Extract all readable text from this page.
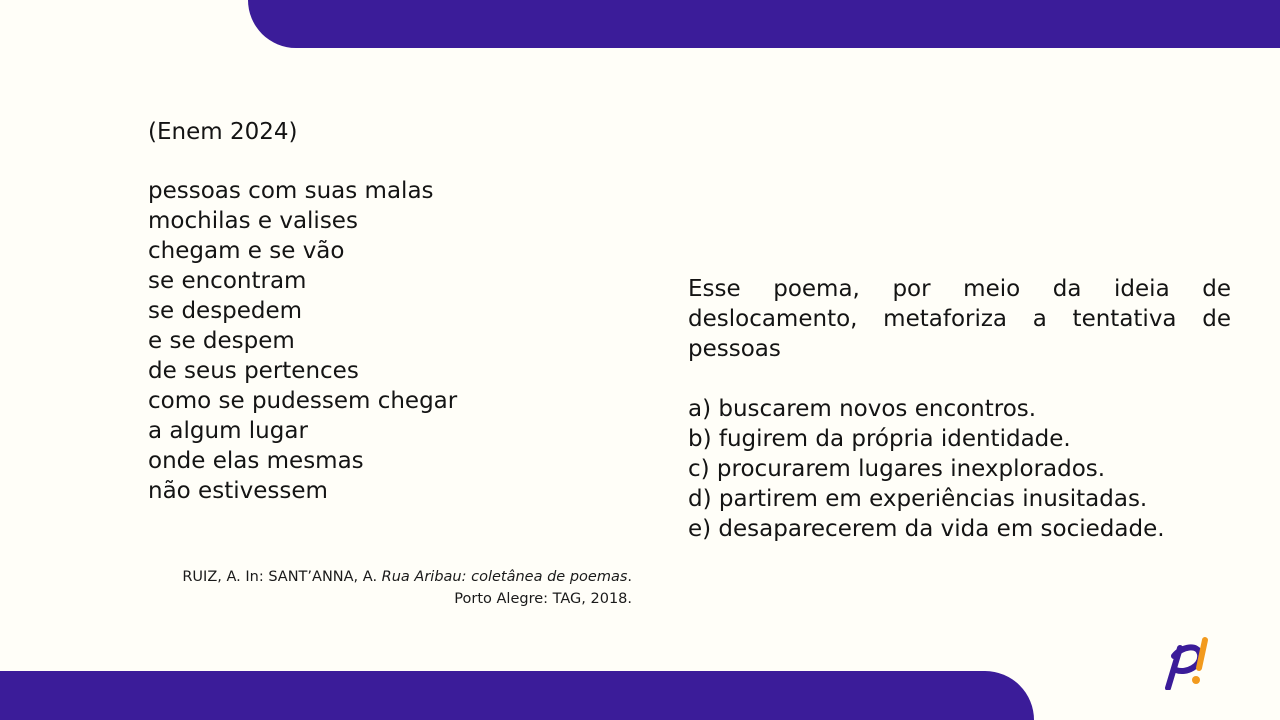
(Enem 2024)
pessoas com suas malas
mochilas e valises
chegam e se vão
se encontram
se despedem
e se despem
de seus pertences
como se pudessem chegar
a algum lugar
onde elas mesmas
não estivessem
RUIZ, A. In: SANT’ANNA, A. Rua Aribau: coletânea de poemas. Porto Alegre: TAG, 2018.
Esse poema, por meio da ideia de deslocamento, metaforiza a tentativa de pessoas
a) buscarem novos encontros.
b) fugirem da própria identidade.
c) procurarem lugares inexplorados.
d) partirem em experiências inusitadas.
e) desaparecerem da vida em sociedade.
